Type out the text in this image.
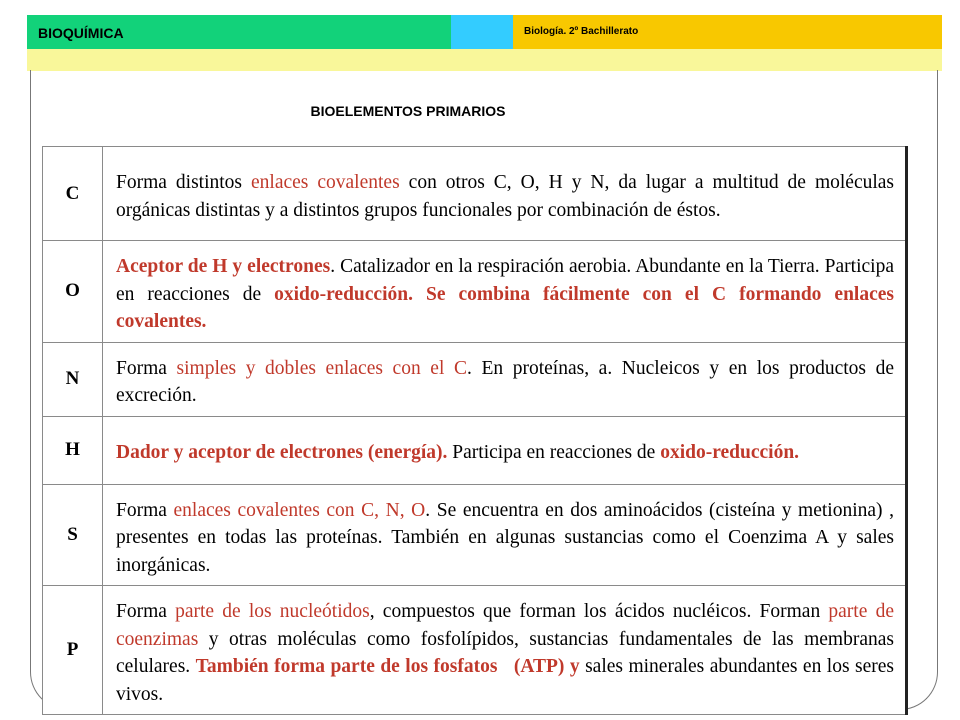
BIOQUÍMICA	Biología. 2º Bachillerato
BIOELEMENTOS PRIMARIOS
C	Forma distintos enlaces covalentes con otros C, O, H y N, da lugar a multitud de moléculas orgánicas distintas y a distintos grupos funcionales por combinación de éstos.
O	Aceptor de H y electrones. Catalizador en la respiración aerobia. Abundante en la Tierra. Participa en reacciones de oxido-reducción. Se combina fácilmente con el C formando enlaces covalentes.
N	Forma simples y dobles enlaces con el C. En proteínas, a. Nucleicos y en los productos de excreción.
H	Dador y aceptor de electrones (energía). Participa en reacciones de oxido-reducción.
S	Forma enlaces covalentes con C, N, O. Se encuentra en dos aminoácidos (cisteína y metionina) , presentes en todas las proteínas. También en algunas sustancias como el Coenzima A y sales inorgánicas.
P	Forma parte de los nucleótidos, compuestos que forman los ácidos nucléicos. Forman parte de coenzimas y otras moléculas como fosfolípidos, sustancias fundamentales de las membranas celulares. También forma parte de los fosfatos   (ATP) y sales minerales abundantes en los seres vivos.
